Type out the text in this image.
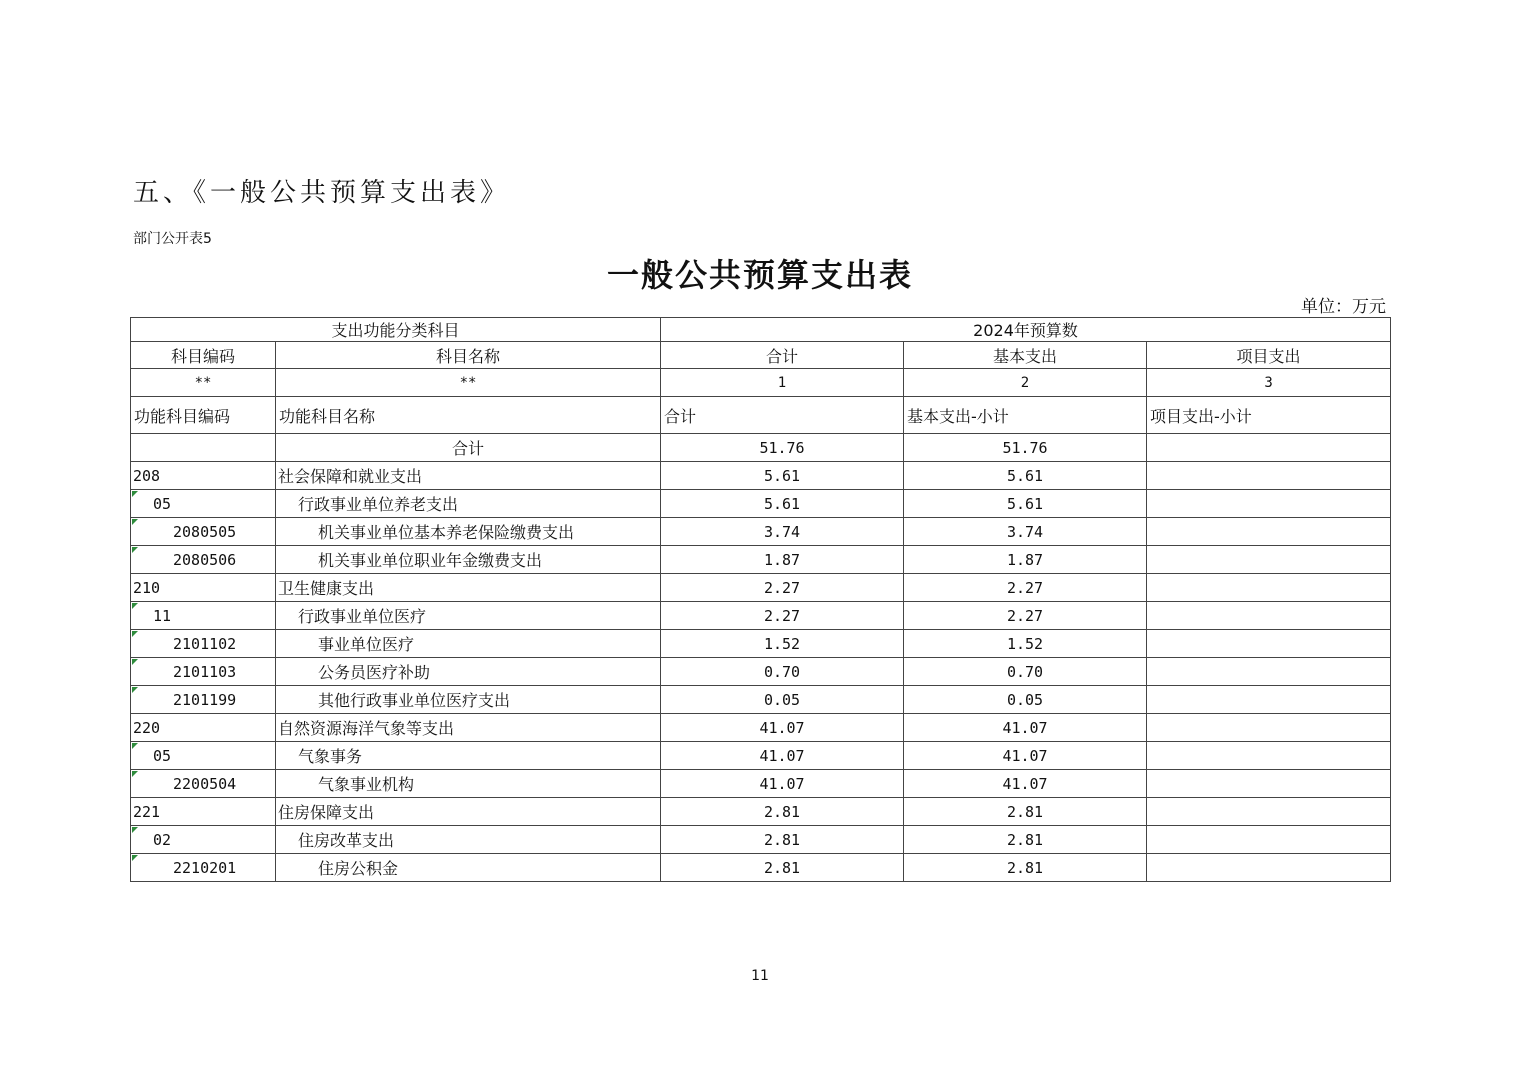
五、《一般公共预算支出表》
部门公开表5
一般公共预算支出表
单位：万元
支出功能分类科目		2024年预算数		
科目编码	科目名称	合计	基本支出	项目支出
**	**	1	2	3
功能科目编码	功能科目名称	合计	基本支出-小计	项目支出-小计
	合计	51.76	51.76	
208	社会保障和就业支出	5.61	5.61	
05	行政事业单位养老支出	5.61	5.61	
2080505	机关事业单位基本养老保险缴费支出	3.74	3.74	
2080506	机关事业单位职业年金缴费支出	1.87	1.87	
210	卫生健康支出	2.27	2.27	
11	行政事业单位医疗	2.27	2.27	
2101102	事业单位医疗	1.52	1.52	
2101103	公务员医疗补助	0.70	0.70	
2101199	其他行政事业单位医疗支出	0.05	0.05	
220	自然资源海洋气象等支出	41.07	41.07	
05	气象事务	41.07	41.07	
2200504	气象事业机构	41.07	41.07	
221	住房保障支出	2.81	2.81	
02	住房改革支出	2.81	2.81	
2210201	住房公积金	2.81	2.81	
11
